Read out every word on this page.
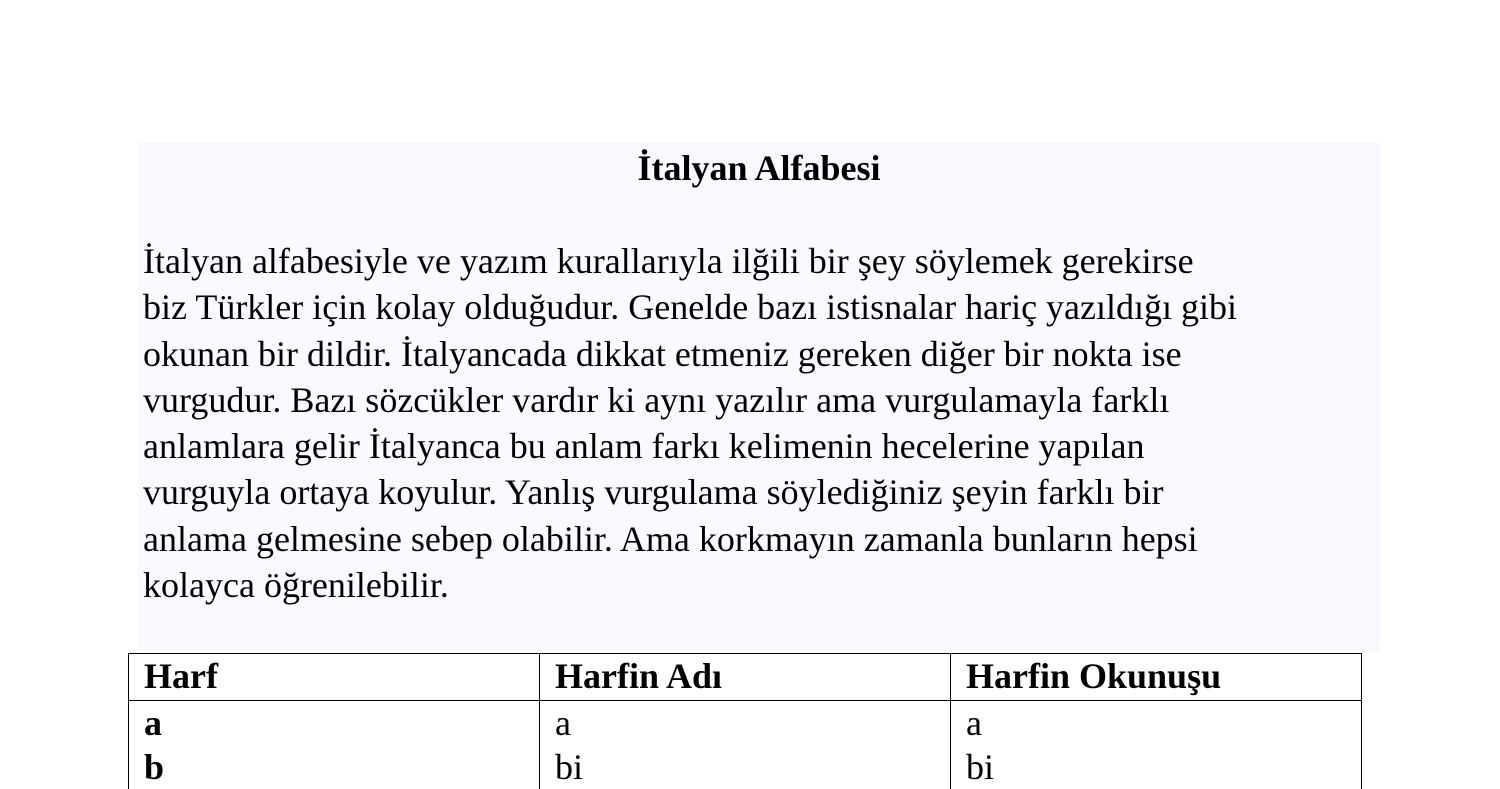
İtalyan Alfabesi

İtalyan alfabesiyle ve yazım kurallarıyla ilğili bir şey söylemek gerekirse
biz Türkler için kolay olduğudur. Genelde bazı istisnalar hariç yazıldığı gibi
okunan bir dildir. İtalyancada dikkat etmeniz gereken diğer bir nokta ise
vurgudur. Bazı sözcükler vardır ki aynı yazılır ama vurgulamayla farklı
anlamlara gelir İtalyanca bu anlam farkı kelimenin hecelerine yapılan
vurguyla ortaya koyulur. Yanlış vurgulama söylediğiniz şeyin farklı bir
anlama gelmesine sebep olabilir. Ama korkmayın zamanla bunların hepsi
kolayca öğrenilebilir.

Harf	Harfin Adı	Harfin Okunuşu
a	a	a
b	bi	bi
